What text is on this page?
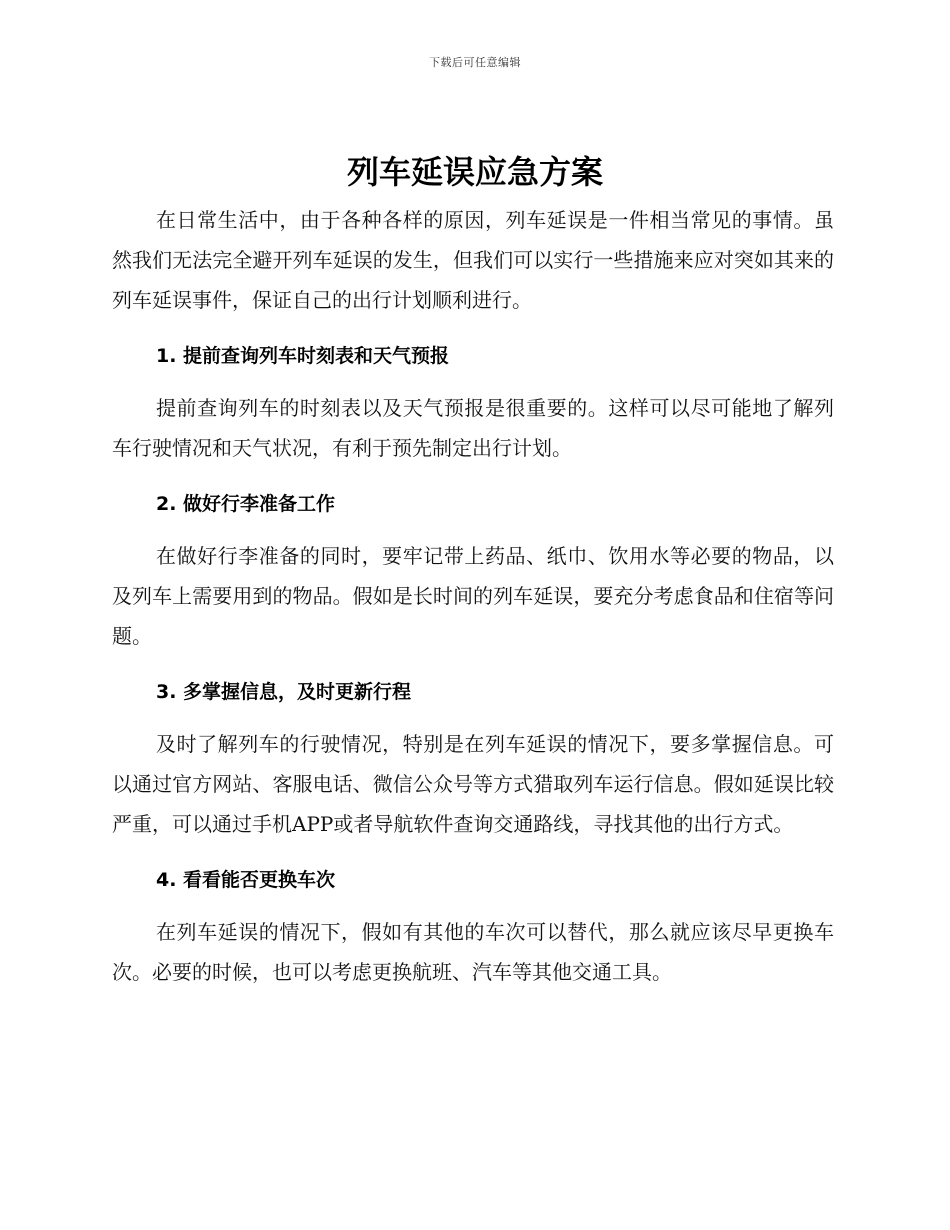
下载后可任意编辑
列车延误应急方案

在日常生活中，由于各种各样的原因，列车延误是一件相当常见的事情。虽然我们无法完全避开列车延误的发生，但我们可以实行一些措施来应对突如其来的列车延误事件，保证自己的出行计划顺利进行。

1. 提前查询列车时刻表和天气预报

提前查询列车的时刻表以及天气预报是很重要的。这样可以尽可能地了解列车行驶情况和天气状况，有利于预先制定出行计划。

2. 做好行李准备工作

在做好行李准备的同时，要牢记带上药品、纸巾、饮用水等必要的物品，以及列车上需要用到的物品。假如是长时间的列车延误，要充分考虑食品和住宿等问题。

3. 多掌握信息，及时更新行程

及时了解列车的行驶情况，特别是在列车延误的情况下，要多掌握信息。可以通过官方网站、客服电话、微信公众号等方式猎取列车运行信息。假如延误比较严重，可以通过手机APP或者导航软件查询交通路线，寻找其他的出行方式。

4. 看看能否更换车次

在列车延误的情况下，假如有其他的车次可以替代，那么就应该尽早更换车次。必要的时候，也可以考虑更换航班、汽车等其他交通工具。
